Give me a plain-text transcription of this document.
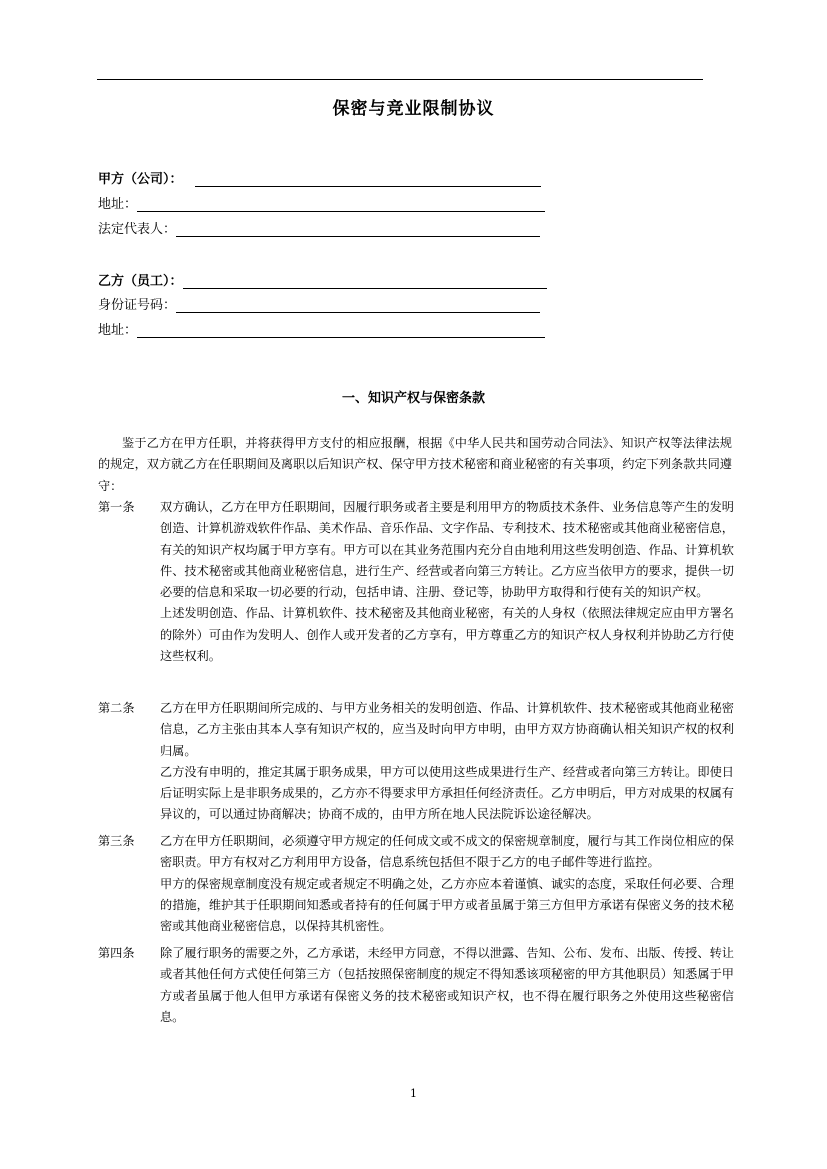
保密与竞业限制协议
甲方（公司）：
地址：
法定代表人：
乙方（员工）：
身份证号码：
地址：
一、知识产权与保密条款
鉴于乙方在甲方任职，并将获得甲方支付的相应报酬，根据《中华人民共和国劳动合同法》、知识产权等法律法规的规定，双方就乙方在任职期间及离职以后知识产权、保守甲方技术秘密和商业秘密的有关事项，约定下列条款共同遵守：
第一条 双方确认，乙方在甲方任职期间，因履行职务或者主要是利用甲方的物质技术条件、业务信息等产生的发明创造、计算机游戏软件作品、美术作品、音乐作品、文字作品、专利技术、技术秘密或其他商业秘密信息，有关的知识产权均属于甲方享有。甲方可以在其业务范围内充分自由地利用这些发明创造、作品、计算机软件、技术秘密或其他商业秘密信息，进行生产、经营或者向第三方转让。乙方应当依甲方的要求，提供一切必要的信息和采取一切必要的行动，包括申请、注册、登记等，协助甲方取得和行使有关的知识产权。

上述发明创造、作品、计算机软件、技术秘密及其他商业秘密，有关的人身权（依照法律规定应由甲方署名的除外）可由作为发明人、创作人或开发者的乙方享有，甲方尊重乙方的知识产权人身权利并协助乙方行使这些权利。

第二条 乙方在甲方任职期间所完成的、与甲方业务相关的发明创造、作品、计算机软件、技术秘密或其他商业秘密信息，乙方主张由其本人享有知识产权的，应当及时向甲方申明，由甲方双方协商确认相关知识产权的权利归属。

乙方没有申明的，推定其属于职务成果，甲方可以使用这些成果进行生产、经营或者向第三方转让。即使日后证明实际上是非职务成果的，乙方亦不得要求甲方承担任何经济责任。乙方申明后，甲方对成果的权属有异议的，可以通过协商解决；协商不成的，由甲方所在地人民法院诉讼途径解决。

第三条 乙方在甲方任职期间，必须遵守甲方规定的任何成文或不成文的保密规章制度，履行与其工作岗位相应的保密职责。甲方有权对乙方利用甲方设备，信息系统包括但不限于乙方的电子邮件等进行监控。

甲方的保密规章制度没有规定或者规定不明确之处，乙方亦应本着谨慎、诚实的态度，采取任何必要、合理的措施，维护其于任职期间知悉或者持有的任何属于甲方或者虽属于第三方但甲方承诺有保密义务的技术秘密或其他商业秘密信息，以保持其机密性。

第四条 除了履行职务的需要之外，乙方承诺，未经甲方同意，不得以泄露、告知、公布、发布、出版、传授、转让或者其他任何方式使任何第三方（包括按照保密制度的规定不得知悉该项秘密的甲方其他职员）知悉属于甲方或者虽属于他人但甲方承诺有保密义务的技术秘密或知识产权，也不得在履行职务之外使用这些秘密信息。

1
